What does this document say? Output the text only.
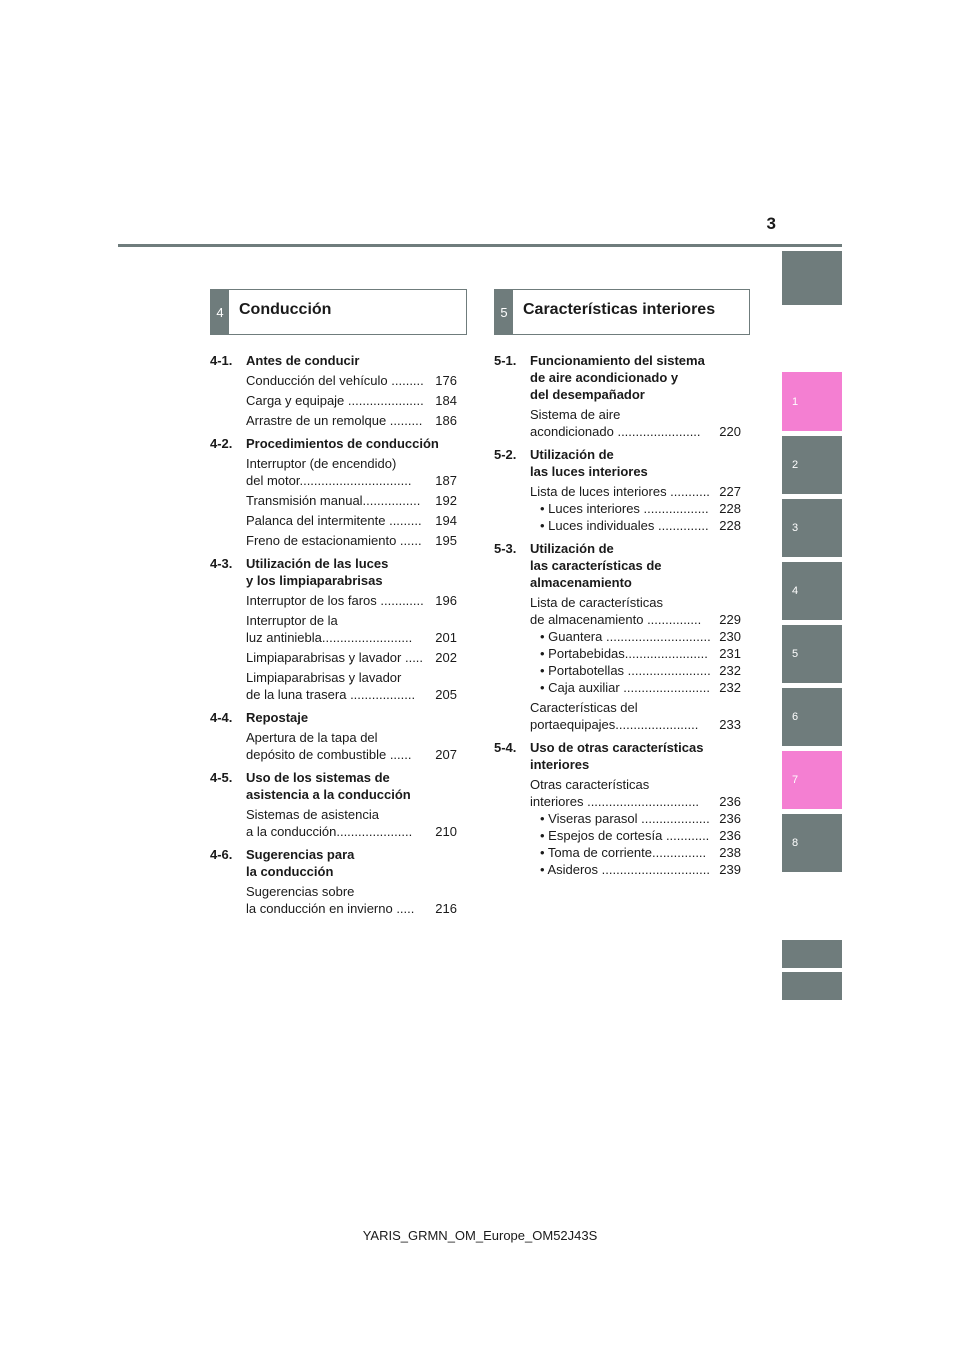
3
1
2
3
4
5
6
7
8
4 Conducción	5 Características interiores
4-1.	Antes de conducir
Conducción del vehículo ......... 176
Carga y equipaje ..................... 184
Arrastre de un remolque ......... 186
4-2.	Procedimientos de conducción
Interruptor (de encendido)
del motor...............................	187
Transmisión manual................	192
Palanca del intermitente .........	194
Freno de estacionamiento ......	195
4-3.	Utilización de las luces
y los limpiaparabrisas
Interruptor de los faros ............ 196
Interruptor de la
luz antiniebla.........................	201
Limpiaparabrisas y lavador ..... 202
Limpiaparabrisas y lavador
de la luna trasera ..................	205
4-4.	Repostaje
Apertura de la tapa del
depósito de combustible ......	207
4-5.	Uso de los sistemas de
asistencia a la conducción
Sistemas de asistencia
a la conducción.....................	210
4-6.	Sugerencias para
la conducción
Sugerencias sobre
la conducción en invierno .....	216
5-1.	Funcionamiento del sistema
de aire acondicionado y
del desempañador
Sistema de aire
acondicionado .......................	220
5-2.	Utilización de
las luces interiores
Lista de luces interiores ........... 227
• Luces interiores .................. 228
• Luces individuales .............. 228
5-3.	Utilización de
las características de
almacenamiento
Lista de características
de almacenamiento ...............	229
• Guantera ............................. 230
• Portabebidas....................... 231
• Portabotellas ....................... 232
• Caja auxiliar ........................ 232
Características del
portaequipajes.......................	233
5-4.	Uso de otras características
interiores
Otras características
interiores ...............................	236
• Viseras parasol ................... 236
• Espejos de cortesía ............ 236
• Toma de corriente...............	238
• Asideros .............................. 239
YARIS_GRMN_OM_Europe_OM52J43S
